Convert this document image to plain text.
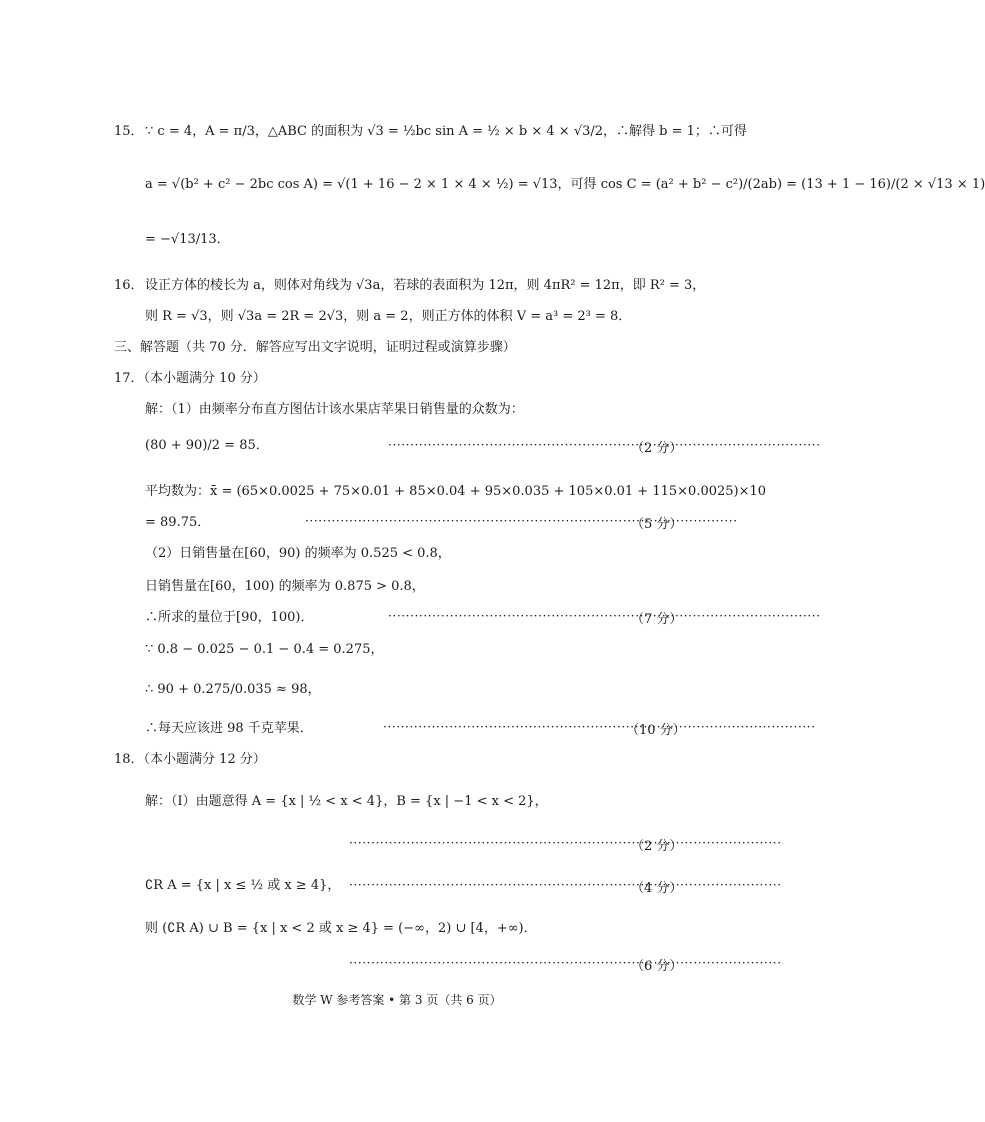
15． ∵ c = 4，A = π/3，△ABC 的面积为 √3 = ½bc sin A = ½ × b × 4 × √3/2，∴解得 b = 1；∴可得
a = √(b² + c² − 2bc cos A) = √(1 + 16 − 2 × 1 × 4 × ½) = √13，可得 cos C = (a² + b² − c²)/(2ab) = (13 + 1 − 16)/(2 × √13 × 1)
= −√13/13．
16． 设正方体的棱长为 a，则体对角线为 √3a，若球的表面积为 12π，则 4πR² = 12π，即 R² = 3，
则 R = √3，则 √3a = 2R = 2√3，则 a = 2，则正方体的体积 V = a³ = 2³ = 8．
三、解答题（共 70 分．解答应写出文字说明，证明过程或演算步骤）
17．（本小题满分 10 分）
解：（1）由频率分布直方图估计该水果店苹果日销售量的众数为：
(80 + 90)/2 = 85． ·····	（2 分）
平均数为：x̄ = (65×0.0025 + 75×0.01 + 85×0.04 + 95×0.035 + 105×0.01 + 115×0.0025)×10
= 89.75． ·····	（5 分）
（2）日销售量在[60，90) 的频率为 0.525 < 0.8，
日销售量在[60，100) 的频率为 0.875 > 0.8，
∴所求的量位于[90，100)． ·····	（7 分）
∵ 0.8 − 0.025 − 0.1 − 0.4 = 0.275，
∴ 90 + 0.275/0.035 ≈ 98，
∴每天应该进 98 千克苹果． ·····	（10 分）
18．（本小题满分 12 分）
解：（Ⅰ）由题意得 A = {x | ½ < x < 4}，B = {x | −1 < x < 2}，
·····
（2 分）
∁R A = {x | x ≤ ½ 或 x ≥ 4}， ·····	（4 分）
则 (∁R A) ∪ B = {x | x < 2 或 x ≥ 4} = (−∞，2) ∪ [4，+∞)．
·····
（6 分）
数学 W 参考答案 • 第 3 页（共 6 页）
